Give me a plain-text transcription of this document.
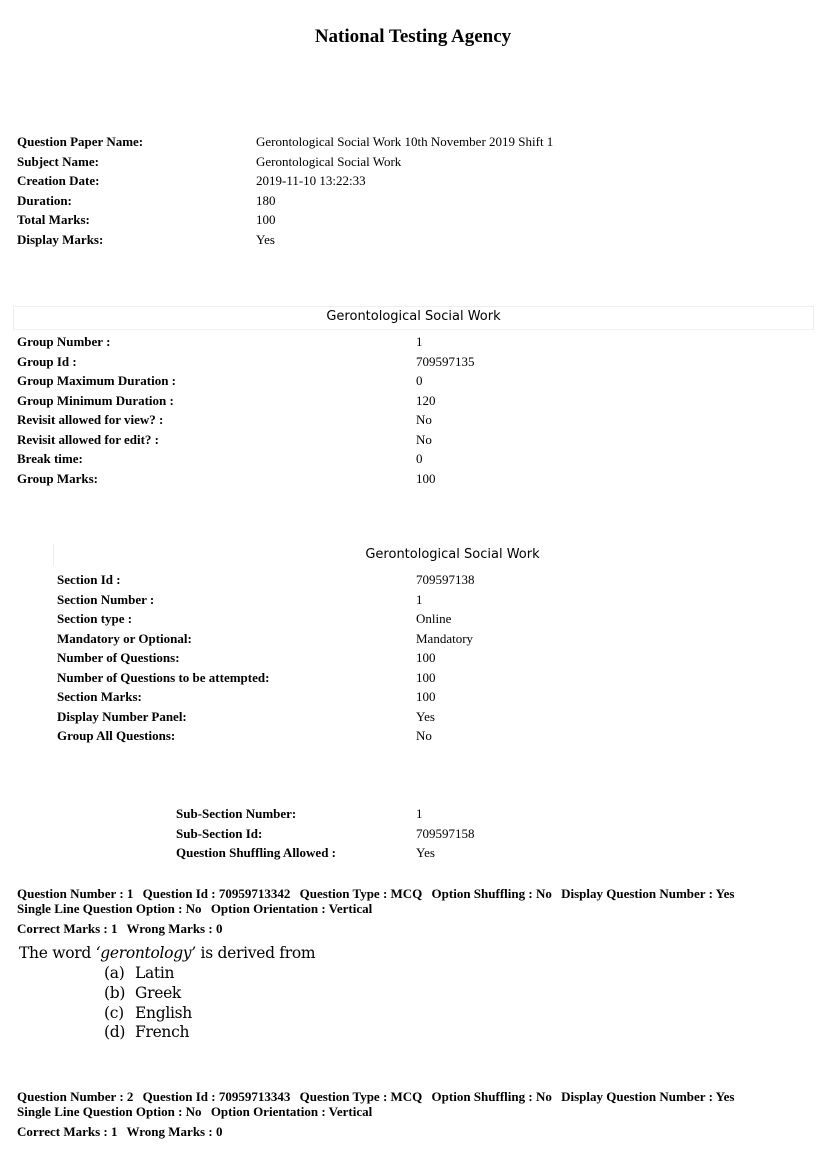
National Testing Agency
Question Paper Name:	Gerontological Social Work 10th November 2019 Shift 1
Subject Name:	Gerontological Social Work
Creation Date:	2019-11-10 13:22:33
Duration:	180
Total Marks:	100
Display Marks:	Yes
Gerontological Social Work
Group Number :	1
Group Id :	709597135
Group Maximum Duration :	0
Group Minimum Duration :	120
Revisit allowed for view? :	No
Revisit allowed for edit? :	No
Break time:	0
Group Marks:	100
Gerontological Social Work
Section Id :	709597138
Section Number :	1
Section type :	Online
Mandatory or Optional:	Mandatory
Number of Questions:	100
Number of Questions to be attempted:	100
Section Marks:	100
Display Number Panel:	Yes
Group All Questions:	No
Sub-Section Number:	1
Sub-Section Id:	709597158
Question Shuffling Allowed :	Yes
Question Number : 1 Question Id : 70959713342 Question Type : MCQ Option Shuffling : No Display Question Number : Yes
Single Line Question Option : No Option Orientation : Vertical
Correct Marks : 1 Wrong Marks : 0
The word ‘gerontology’ is derived from
(a) Latin
(b) Greek
(c) English
(d) French
Question Number : 2 Question Id : 70959713343 Question Type : MCQ Option Shuffling : No Display Question Number : Yes
Single Line Question Option : No Option Orientation : Vertical
Correct Marks : 1 Wrong Marks : 0
